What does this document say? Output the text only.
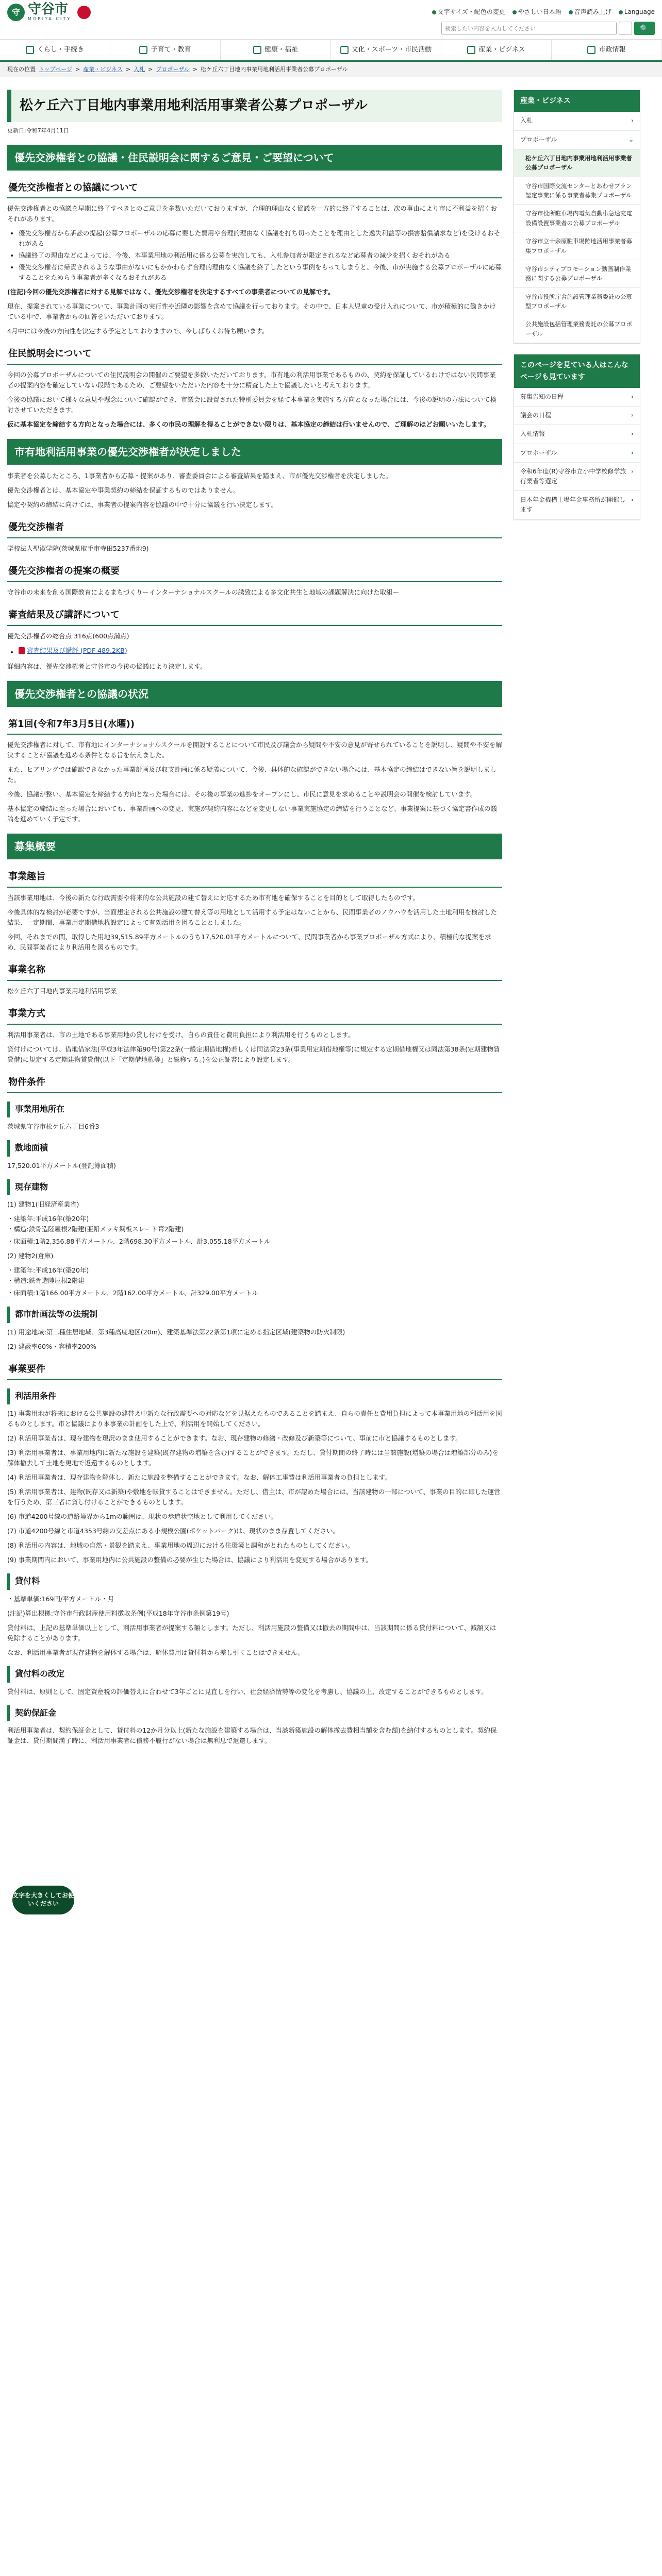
守 守谷市
MORIYA CITY
文字サイズ・配色の変更 やさしい日本語 音声読み上げ Language
検索したい内容を入力してください
✕	🔍
くらし・手続き	子育て・教育	健康・福祉	文化・スポーツ・市民活動	産業・ビジネス	市政情報
現在の位置 トップページ > 産業・ビジネス > 入札 > プロポーザル > 松ケ丘六丁目地内事業用地利活用事業者公募プロポーザル
松ケ丘六丁目地内事業用地利活用事業者公募プロポーザル
更新日:令和7年4月11日
優先交渉権者との協議・住民説明会に関するご意見・ご要望について
優先交渉権者との協議について

優先交渉権者との協議を早期に終了すべきとのご意見を多数いただいておりますが、合理的理由なく協議を一方的に終了することは、次の事由により市に不利益を招くおそれがあります。

• 優先交渉権者から訴訟の提起(公募プロポーザルの応募に要した費用や合理的理由なく協議を打ち切ったことを理由とした逸失利益等の損害賠償請求など)を受けるおそれがある
• 協議終了の理由などによっては、今後、本事業用地の利活用に係る公募を実施しても、入札参加者が限定されるなど応募者の減少を招くおそれがある
• 優先交渉権者に帰責されるような事由がないにもかかわらず合理的理由なく協議を終了したという事例をもってしまうと、今後、市が実施する公募プロポーザルに応募することをためらう事業者が多くなるおそれがある

(注記)今回の優先交渉権者に対する見解ではなく、優先交渉権者を決定するすべての事業者についての見解です。

現在、提案されている事業について、事業計画の実行性や近隣の影響を含めて協議を行っております。その中で、日本人児童の受け入れについて、市が積極的に働きかけている中で、事業者からの回答をいただいております。

4月中には今後の方向性を決定する予定としておりますので、今しばらくお待ち願います。

住民説明会について

今回の公募プロポーザルについての住民説明会の開催のご要望を多数いただいております。市有地の利活用事業であるものの、契約を保証しているわけではない民間事業者の提案内容を確定していない段階であるため、ご要望をいただいた内容を十分に精査した上で協議したいと考えております。

今後の協議において様々な意見や懸念について確認ができ、市議会に設置された特別委員会を経て本事業を実施する方向となった場合には、今後の説明の方法について検討させていただきます。

仮に基本協定を締結する方向となった場合には、多くの市民の理解を得ることができない限りは、基本協定の締結は行いませんので、ご理解のほどお願いいたします。

市有地利活用事業の優先交渉権者が決定しました

事業者を公募したところ、1事業者から応募・提案があり、審査委員会による審査結果を踏まえ、市が優先交渉権者を決定しました。

優先交渉権者とは、基本協定や事業契約の締結を保証するものではありません。

協定や契約の締結に向けては、事業者の提案内容を協議の中で十分に協議を行い決定します。

優先交渉権者

学校法人聖淑学院(茨城県取手市寺田5237番地9)

優先交渉権者の提案の概要

守谷市の未来を創る国際教育によるまちづくりーインターナショナルスクールの誘致による多文化共生と地域の課題解決に向けた取組ー

審査結果及び講評について

優先交渉権者の総合点 316点(600点満点)

• 審査結果及び講評 (PDF 489.2KB)

詳細内容は、優先交渉権者と守谷市の今後の協議により決定します。

優先交渉権者との協議の状況
第1回(令和7年3月5日(水曜))

優先交渉権者に対して、市有地にインターナショナルスクールを開設することについて市民及び議会から疑問や不安の意見が寄せられていることを説明し、疑問や不安を解決することが協議を進める条件となる旨を伝えました。

また、ヒアリングでは確認できなかった事業計画及び収支計画に係る疑義について、今後、具体的な確認ができない場合には、基本協定の締結はできない旨を説明しました。

今後、協議が整い、基本協定を締結する方向となった場合には、その後の事業の進捗をオープンにし、市民に意見を求めることや説明会の開催を検討しています。

基本協定の締結に至った場合においても、事業計画への変更、実施が契約内容になどを変更しない事業実施協定の締結を行うことなど、事業提案に基づく協定書作成の議論を進めていく予定です。

募集概要
事業趣旨

当該事業用地は、今後の新たな行政需要や将来的な公共施設の建て替えに対応するため市有地を確保することを目的として取得したものです。

今後具体的な検討が必要ですが、当面想定される公共施設の建て替え等の用地として活用する予定はないことから、民間事業者のノウハウを活用した土地利用を検討した結果、一定期間、事業用定期借地権設定によって有効活用を図ることとしました。

今回、それまでの間、取得した用地39,515.89平方メートルのうち17,520.01平方メートルについて、民間事業者から事業プロポーザル方式により、積極的な提案を求め、民間事業者により利活用を図るものです。

事業名称

松ケ丘六丁目地内事業用地利活用事業

事業方式

利活用事業者は、市の土地である事業用地の貸し付けを受け、自らの責任と費用負担により利活用を行うものとします。

貸付けについては、借地借家法(平成3年法律第90号)第22条(一般定期借地権)若しくは同法第23条(事業用定期借地権等)に規定する定期借地権又は同法第38条(定期建物賃貸借)に規定する定期建物賃貸借(以下「定期借地権等」と総称する。)を公正証書により設定します。

物件条件
事業用地所在

茨城県守谷市松ケ丘六丁目6番3

敷地面積

17,520.01平方メートル(登記簿面積)

現存建物

(1) 建物1(旧経済産業省)

・建築年:平成16年(築20年)

・構造:鉄骨造陸屋根2階建(亜鉛メッキ鋼板スレート葺2階建)

・床面積:1階2,356.88平方メートル、2階698.30平方メートル、計3,055.18平方メートル

(2) 建物2(倉庫)

・建築年:平成16年(築20年)

・構造:鉄骨造陸屋根2階建

・床面積:1階166.00平方メートル、2階162.00平方メートル、計329.00平方メートル

都市計画法等の法規制

(1) 用途地域:第二種住居地域、第3種高度地区(20m)、建築基準法第22条第1項に定める指定区域(建築物の防火制限)

(2) 建蔽率60%・容積率200%

事業要件
利活用条件

(1) 事業用地が将来における公共施設の建替え中新たな行政需要への対応などを見据えたものであることを踏まえ、自らの責任と費用負担によって本事業用地の利活用を図るものとします。市と協議により本事業の計画をした上で、利活用を開始してください。

(2) 利活用事業者は、現存建物を現況のまま使用することができます。なお、現存建物の修繕・改修及び新築等について、事前に市と協議するものとします。

(3) 利活用事業者は、事業用地内に新たな施設を建築(既存建物の増築を含む)することができます。ただし、貸付期間の終了時には当該施設(増築の場合は増築部分のみ)を解体撤去して土地を更地で返還するものとします。

(4) 利活用事業者は、現存建物を解体し、新たに施設を整備することができます。なお、解体工事費は利活用事業者の負担とします。

(5) 利活用事業者は、建物(既存又は新築)や敷地を転貸することはできません。ただし、借主は、市が認めた場合には、当該建物の一部について、事業の目的に即した運営を行うため、第三者に貸し付けることができるものとします。

(6) 市道4200号線の道路境界から1mの範囲は、現状の歩道状空地として利用してください。

(7) 市道4200号線と市道4353号線の交差点にある小規模公園(ポケットパーク)は、現状のまま存置してください。

(8) 利活用の内容は、地域の自然・景観を踏まえ、事業用地の周辺における住環境と調和がとれたものとしてください。

(9) 事業期間内において、事業用地内に公共施設の整備の必要が生じた場合は、協議により利活用を変更する場合があります。

貸付料

・基準単価:169円/平方メートル・月

(注記)算出根拠:守谷市行政財産使用料徴収条例(平成18年守谷市条例第19号)

貸付料は、上記の基準単価以上として、利活用事業者が提案する額とします。ただし、利活用施設の整備又は撤去の期間中は、当該期間に係る貸付料について、減額又は免除することがあります。

なお、利活用事業者が現存建物を解体する場合は、解体費用は貸付料から差し引くことはできません。

貸付料の改定

貸付料は、原則として、固定資産税の評価替えに合わせて3年ごとに見直しを行い、社会経済情勢等の変化を考慮し、協議の上、改定することができるものとします。

契約保証金

利活用事業者は、契約保証金として、貸付料の12か月分以上(新たな施設を建築する場合は、当該新築施設の解体撤去費相当額を含む額)を納付するものとします。契約保証金は、貸付期間満了時に、利活用事業者に債務不履行がない場合は無利息で返還します。

産業・ビジネス
入札	›
プロポーザル	⌄
松ケ丘六丁目地内事業用地利活用事業者公募プロポーザル
守谷市国際交流センターとあわせプラン認定事業に係る事業者募集プロポーザル
守谷市役所駐車場内電気自動車急速充電設備設置事業者の公募プロポーザル
守谷市立十余原駐車場跡地活用事業者募集プロポーザル
守谷市シティプロモーション動画制作業務に関する公募プロポーザル
守谷市役所庁舎施設管理業務委託の公募型プロポーザル
公共施設包括管理業務委託の公募プロポーザル
このページを見ている人はこんなページも見ています
募集告知の日程	›
議会の日程	›
入札情報	›
プロポーザル	›
令和6年度(R)守谷市立小中学校修学旅行業者等選定
›
日本年金機構上場年金事務所が開催します
›
文字を大きくしてお使いください
